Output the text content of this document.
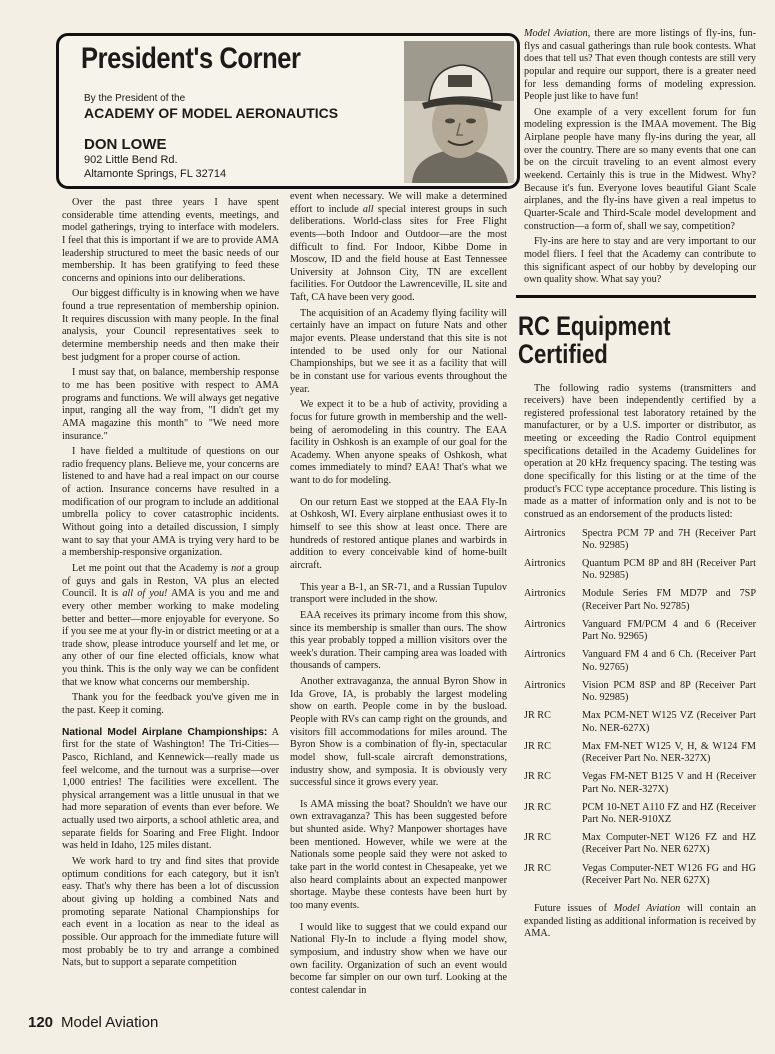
President's Corner
By the President of the
ACADEMY OF MODEL AERONAUTICS
DON LOWE
902 Little Bend Rd.
Altamonte Springs, FL 32714

Over the past three years I have spent considerable time attending events, meetings, and model gatherings, trying to interface with modelers. I feel that this is important if we are to provide AMA leadership structured to meet the basic needs of our membership. It has been gratifying to feed these concerns and opinions into our deliberations.

Our biggest difficulty is in knowing when we have found a true representation of membership opinion. It requires discussion with many people. In the final analysis, your Council representatives seek to determine membership needs and then make their best judgment for a proper course of action.

I must say that, on balance, membership response to me has been positive with respect to AMA programs and functions. We will always get negative input, ranging all the way from, "I didn't get my AMA magazine this month" to "We need more insurance."

I have fielded a multitude of questions on our radio frequency plans. Believe me, your concerns are listened to and have had a real impact on our course of action. Insurance concerns have resulted in a modification of our program to include an additional umbrella policy to cover catastrophic incidents. Without going into a detailed discussion, I simply want to say that your AMA is trying very hard to be a membership-responsive organization.

Let me point out that the Academy is not a group of guys and gals in Reston, VA plus an elected Council. It is all of you! AMA is you and me and every other member working to make modeling better and better—more enjoyable for everyone. So if you see me at your fly-in or district meeting or at a trade show, please introduce yourself and let me, or any other of our fine elected officials, know what you think. This is the only way we can be confident that we know what concerns our membership.

Thank you for the feedback you've given me in the past. Keep it coming.

National Model Airplane Championships: A first for the state of Washington! The Tri-Cities—Pasco, Richland, and Kennewick—really made us feel welcome, and the turnout was a surprise—over 1,000 entries! The facilities were excellent. The physical arrangement was a little unusual in that we had more separation of events than ever before. We actually used two airports, a school athletic area, and separate fields for Soaring and Free Flight. Indoor was held in Idaho, 125 miles distant.

We work hard to try and find sites that provide optimum conditions for each category, but it isn't easy. That's why there has been a lot of discussion about giving up holding a combined Nats and promoting separate National Championships for each event in a location as near to the ideal as possible. Our approach for the immediate future will most probably be to try and arrange a combined Nats, but to support a separate competition

event when necessary. We will make a determined effort to include all special interest groups in such deliberations. World-class sites for Free Flight events—both Indoor and Outdoor—are the most difficult to find. For Indoor, Kibbe Dome in Moscow, ID and the field house at East Tennessee University at Johnson City, TN are excellent facilities. For Outdoor the Lawrenceville, IL site and Taft, CA have been very good.

The acquisition of an Academy flying facility will certainly have an impact on future Nats and other major events. Please understand that this site is not intended to be used only for our National Championships, but we see it as a facility that will be in constant use for various events throughout the year.

We expect it to be a hub of activity, providing a focus for future growth in membership and the well-being of aeromodeling in this country. The EAA facility in Oshkosh is an example of our goal for the Academy. When anyone speaks of Oshkosh, what comes immediately to mind? EAA! That's what we want to do for modeling.

On our return East we stopped at the EAA Fly-In at Oshkosh, WI. Every airplane enthusiast owes it to himself to see this show at least once. There are hundreds of restored antique planes and warbirds in addition to every conceivable kind of home-built aircraft.

This year a B-1, an SR-71, and a Russian Tupulov transport were included in the show.

EAA receives its primary income from this show, since its membership is smaller than ours. The show this year probably topped a million visitors over the week's duration. Their camping area was loaded with thousands of campers.

Another extravaganza, the annual Byron Show in Ida Grove, IA, is probably the largest modeling show on earth. People come in by the busload. People with RVs can camp right on the grounds, and visitors fill accommodations for miles around. The Byron Show is a combination of fly-in, spectacular model show, full-scale aircraft demonstrations, industry show, and symposia. It is obviously very successful since it grows every year.

Is AMA missing the boat? Shouldn't we have our own extravaganza? This has been suggested before but shunted aside. Why? Manpower shortages have been mentioned. However, while we were at the Nationals some people said they were not asked to take part in the world contest in Chesapeake, yet we also heard complaints about an expected manpower shortage. Maybe these contests have been hurt by too many events.

I would like to suggest that we could expand our National Fly-In to include a flying model show, symposium, and industry show when we have our own facility. Organization of such an event would become far simpler on our own turf. Looking at the contest calendar in

Model Aviation, there are more listings of fly-ins, fun-flys and casual gatherings than rule book contests. What does that tell us? That even though contests are still very popular and require our support, there is a greater need for less demanding forms of modeling expression. People just like to have fun!

One example of a very excellent forum for fun modeling expression is the IMAA movement. The Big Airplane people have many fly-ins during the year, all over the country. There are so many events that one can be on the circuit traveling to an event almost every weekend. Certainly this is true in the Midwest. Why? Because it's fun. Everyone loves beautiful Giant Scale airplanes, and the fly-ins have given a real impetus to Quarter-Scale and Third-Scale model development and construction—a form of, shall we say, competition?

Fly-ins are here to stay and are very important to our model fliers. I feel that the Academy can contribute to this significant aspect of our hobby by developing our own quality show. What say you?

RC Equipment Certified

The following radio systems (transmitters and receivers) have been independently certified by a registered professional test laboratory retained by the manufacturer, or by a U.S. importer or distributor, as meeting or exceeding the Radio Control equipment specifications detailed in the Academy Guidelines for operation at 20 kHz frequency spacing. The testing was done specifically for this listing or at the time of the product's FCC type acceptance procedure. This listing is made as a matter of information only and is not to be construed as an endorsement of the products listed:

Airtronics	Spectra PCM 7P and 7H (Receiver Part No. 92985)
Airtronics	Quantum PCM 8P and 8H (Receiver Part No. 92985)
Airtronics	Module Series FM MD7P and 7SP (Receiver Part No. 92785)
Airtronics	Vanguard FM/PCM 4 and 6 (Receiver Part No. 92965)
Airtronics	Vanguard FM 4 and 6 Ch. (Receiver Part No. 92765)
Airtronics	Vision PCM 8SP and 8P (Receiver Part No. 92985)
JR RC	Max PCM-NET W125 VZ (Receiver Part No. NER-627X)
JR RC	Max FM-NET W125 V, H, & W124 FM (Receiver Part No. NER-327X)
JR RC	Vegas FM-NET B125 V and H (Receiver Part No. NER-327X)
JR RC	PCM 10-NET A110 FZ and HZ (Receiver Part No. NER-910XZ
JR RC	Max Computer-NET W126 FZ and HZ (Receiver Part No. NER 627X)
JR RC	Vegas Computer-NET W126 FG and HG (Receiver Part No. NER 627X)

Future issues of Model Aviation will contain an expanded listing as additional information is received by AMA.

120 Model Aviation
